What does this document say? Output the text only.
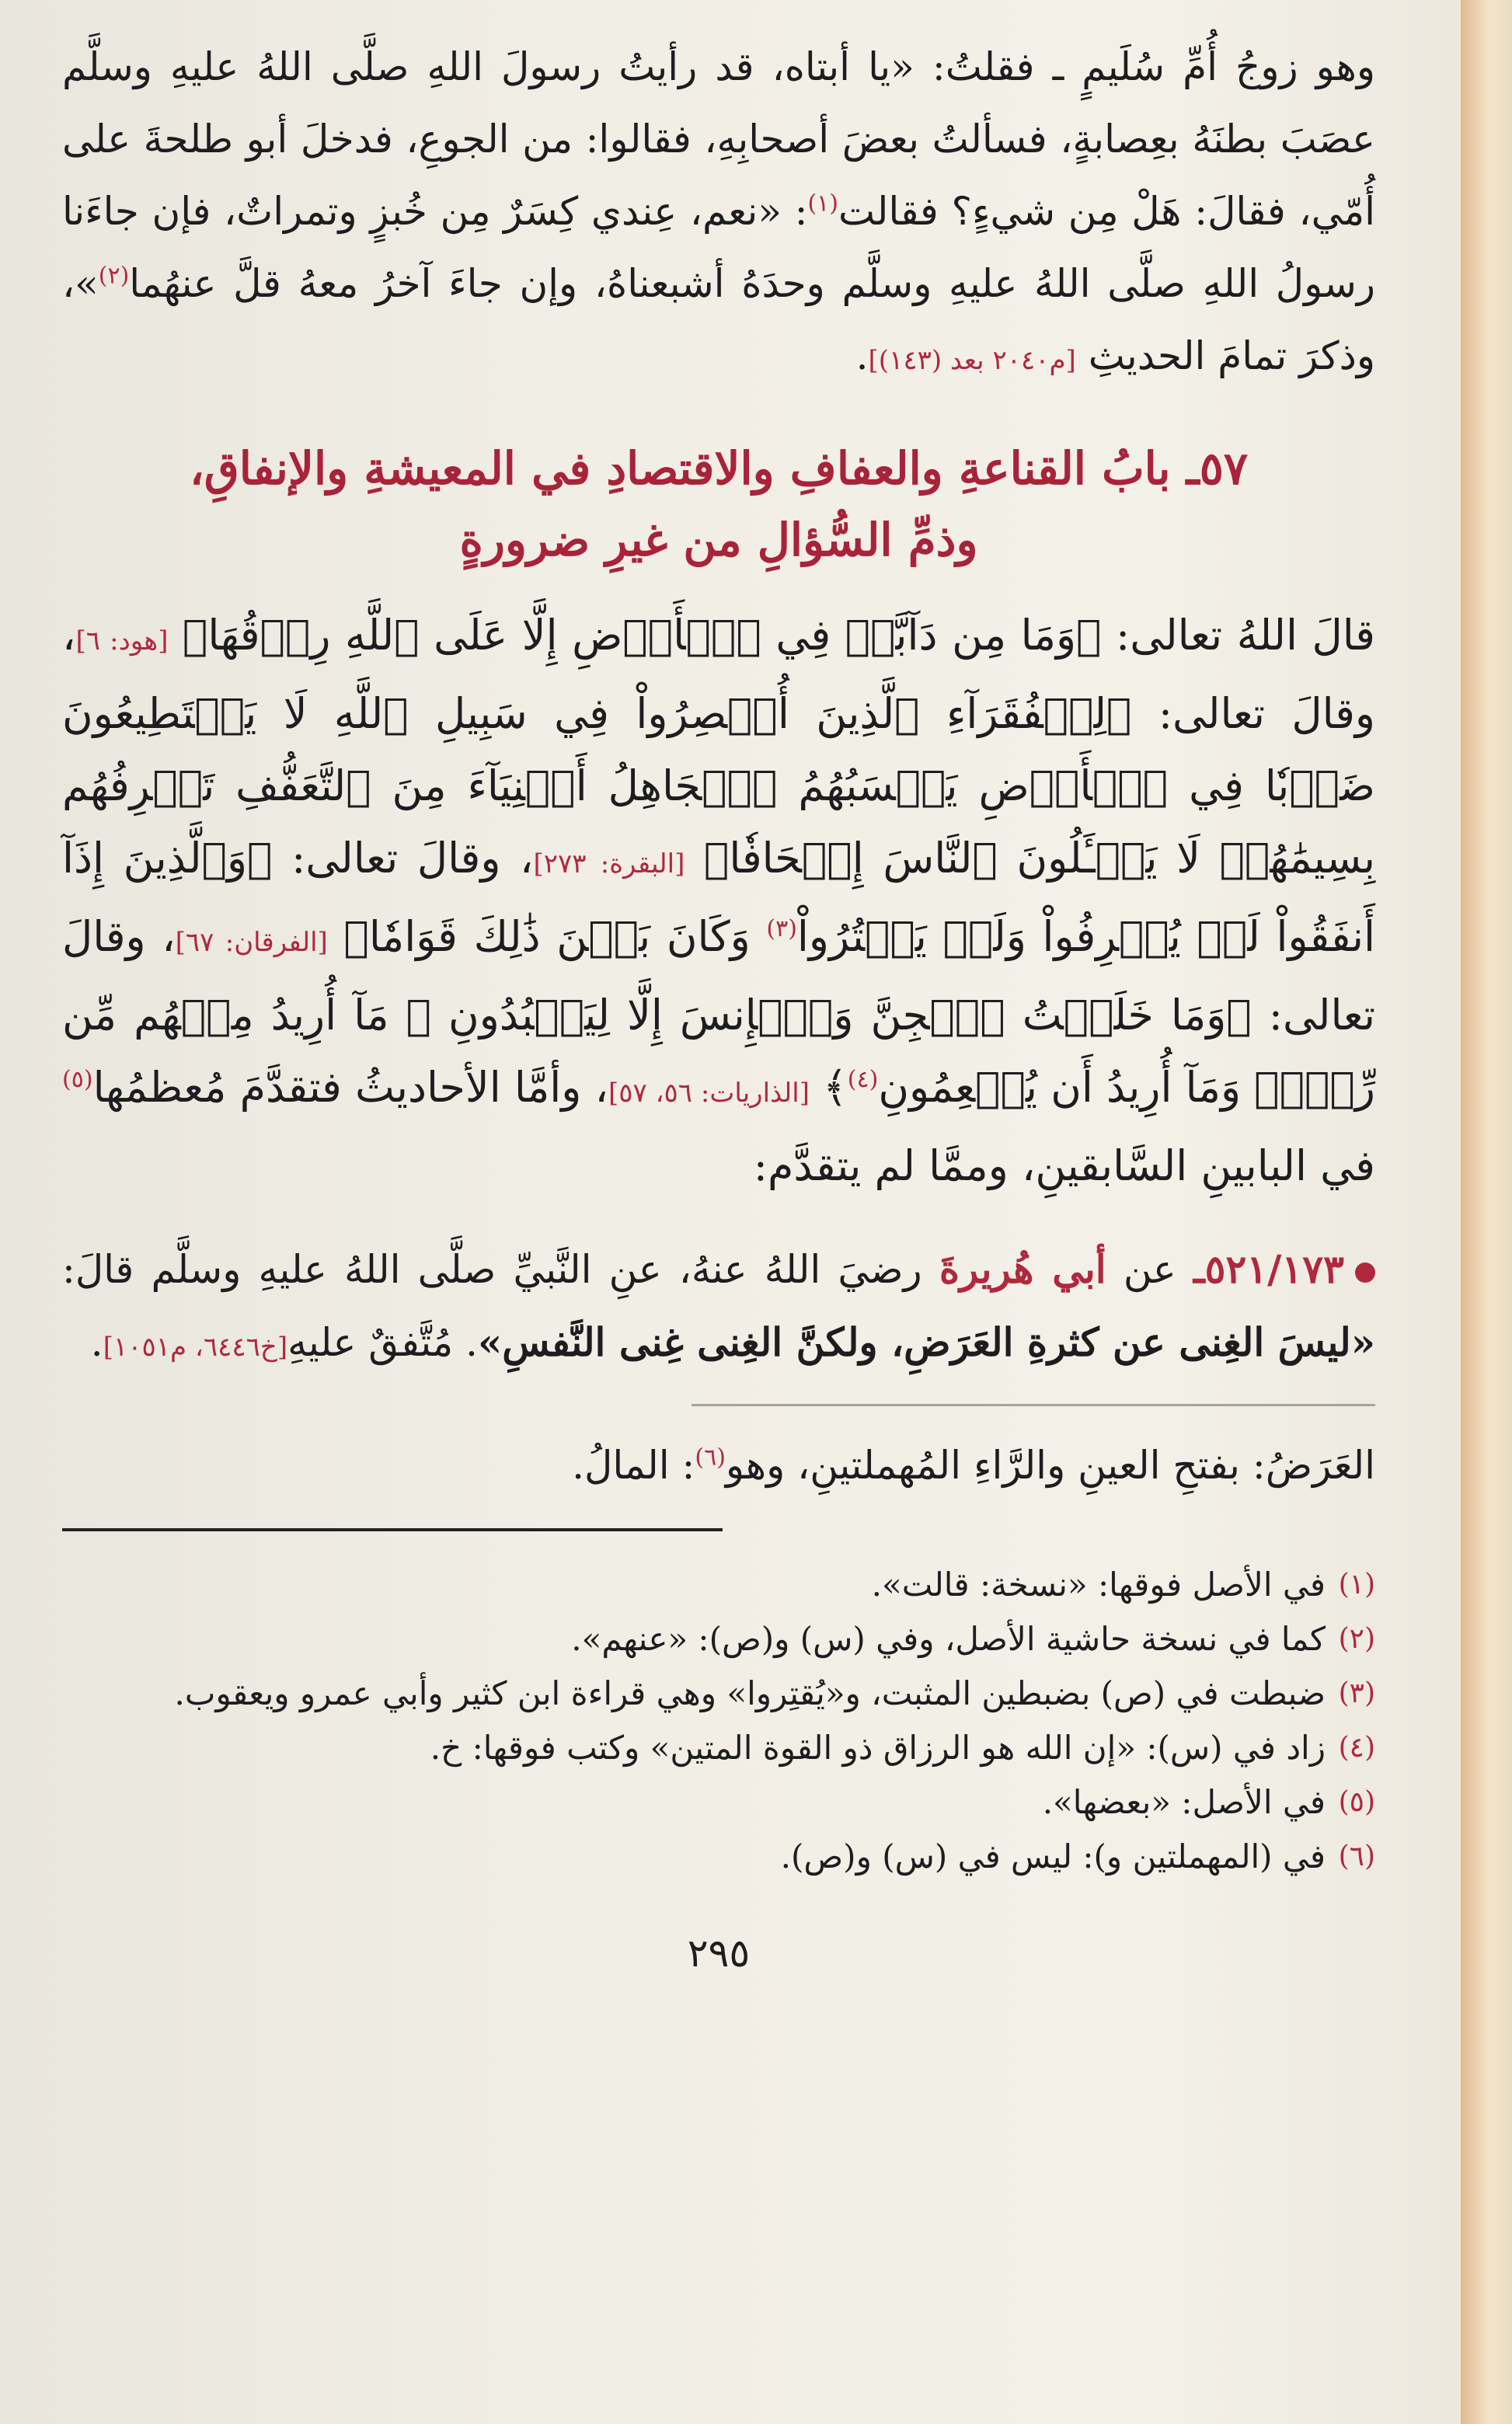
وهو زوجُ أُمِّ سُلَيمٍ ـ فقلتُ: «يا أبتاه، قد رأيتُ رسولَ اللهِ صلَّى اللهُ عليهِ وسلَّم عصَبَ بطنَهُ بعِصابةٍ، فسألتُ بعضَ أصحابِهِ، فقالوا: من الجوعِ، فدخلَ أبو طلحةَ على أُمّي، فقالَ: هَلْ مِن شيءٍ؟ فقالت$^{(١)}$: «نعم، عِندي كِسَرٌ مِن خُبزٍ وتمراتٌ، فإن جاءَنا رسولُ اللهِ صلَّى اللهُ عليهِ وسلَّم وحدَهُ أشبعناهُ، وإن جاءَ آخرُ معهُ قلَّ عنهُما$^{(٢)}$»، وذكرَ تمامَ الحديثِ [م٢٠٤٠ بعد (١٤٣)].

٥٧ـ بابُ القناعةِ والعفافِ والاقتصادِ في المعيشةِ والإنفاقِ،
وذمِّ السُّؤالِ من غيرِ ضرورةٍ

قالَ اللهُ تعالى: ﴿وَمَا مِن دَآبَّةٖ فِي ٱلۡأَرۡضِ إِلَّا عَلَى ٱللَّهِ رِزۡقُهَا﴾ [هود: ٦]، وقالَ تعالى: ﴿لِلۡفُقَرَآءِ ٱلَّذِينَ أُحۡصِرُواْ فِي سَبِيلِ ٱللَّهِ لَا يَسۡتَطِيعُونَ ضَرۡبٗا فِي ٱلۡأَرۡضِ يَحۡسَبُهُمُ ٱلۡجَاهِلُ أَغۡنِيَآءَ مِنَ ٱلتَّعَفُّفِ تَعۡرِفُهُم بِسِيمَٰهُمۡ لَا يَسۡـَٔلُونَ ٱلنَّاسَ إِلۡحَافٗا﴾ [البقرة: ٢٧٣]، وقالَ تعالى: ﴿وَٱلَّذِينَ إِذَآ أَنفَقُواْ لَمۡ يُسۡرِفُواْ وَلَمۡ يَقۡتُرُواْ$^{(٣)}$ وَكَانَ بَيۡنَ ذَٰلِكَ قَوَامٗا﴾ [الفرقان: ٦٧]، وقالَ تعالى: ﴿وَمَا خَلَقۡتُ ٱلۡجِنَّ وَٱلۡإِنسَ إِلَّا لِيَعۡبُدُونِ ۞ مَآ أُرِيدُ مِنۡهُم مِّن رِّزۡقٖ وَمَآ أُرِيدُ أَن يُطۡعِمُونِ$^{(٤)}$﴾ [الذاريات: ٥٦، ٥٧]، وأمَّا الأحاديثُ فتقدَّمَ مُعظمُها$^{(٥)}$ في البابينِ السَّابقينِ، وممَّا لم يتقدَّم:

٥٢١/١٧٣ـ عن أبي هُريرةَ رضيَ اللهُ عنهُ، عنِ النَّبيِّ صلَّى اللهُ عليهِ وسلَّم قالَ: «ليسَ الغِنى عن كثرةِ العَرَضِ، ولكنَّ الغِنى غِنى النَّفسِ». مُتَّفقٌ عليهِ[خ٦٤٤٦، م١٠٥١].

العَرَضُ: بفتحِ العينِ والرَّاءِ المُهملتينِ، وهو$^{(٦)}$: المالُ.

(١)
في الأصل فوقها: «نسخة: قالت».
(٢)
كما في نسخة حاشية الأصل، وفي (س) و(ص): «عنهم».
(٣)
ضبطت في (ص) بضبطين المثبت، و«يُقتِروا» وهي قراءة ابن كثير وأبي عمرو ويعقوب.
(٤)
زاد في (س): «إن الله هو الرزاق ذو القوة المتين» وكتب فوقها: خ.
(٥)
في الأصل: «بعضها».
(٦)
في (المهملتين و): ليس في (س) و(ص).
٢٩٥
